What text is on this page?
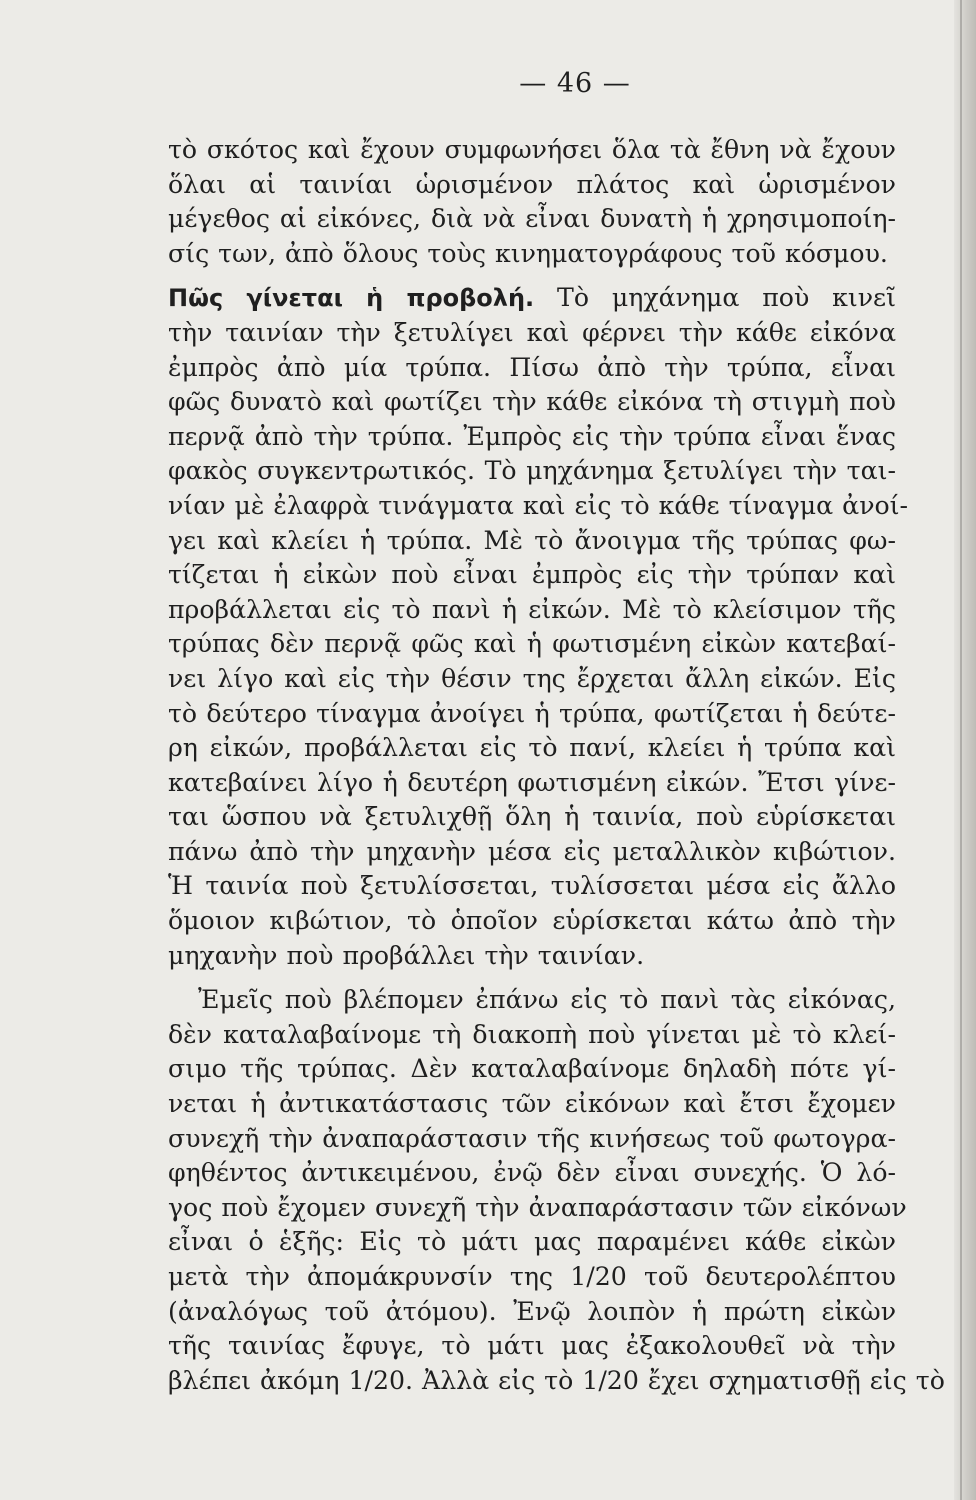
— 46 —

τὸ σκότος καὶ ἔχουν συμφωνήσει ὅλα τὰ ἔθνη νὰ ἔχουν
ὅλαι αἱ ταινίαι ὡρισμένον πλάτος καὶ ὡρισμένον
μέγεθος αἱ εἰκόνες, διὰ νὰ εἶναι δυνατὴ ἡ χρησιμοποίη-
σίς των, ἀπὸ ὅλους τοὺς κινηματογράφους τοῦ κόσμου.

Πῶς γίνεται ἡ προβολή. Τὸ μηχάνημα ποὺ κινεῖ
τὴν ταινίαν τὴν ξετυλίγει καὶ φέρνει τὴν κάθε εἰκόνα
ἐμπρὸς ἀπὸ μία τρύπα. Πίσω ἀπὸ τὴν τρύπα, εἶναι
φῶς δυνατὸ καὶ φωτίζει τὴν κάθε εἰκόνα τὴ στιγμὴ ποὺ
περνᾷ ἀπὸ τὴν τρύπα. Ἐμπρὸς εἰς τὴν τρύπα εἶναι ἕνας
φακὸς συγκεντρωτικός. Τὸ μηχάνημα ξετυλίγει τὴν ται-
νίαν μὲ ἐλαφρὰ τινάγματα καὶ εἰς τὸ κάθε τίναγμα ἀνοί-
γει καὶ κλείει ἡ τρύπα. Μὲ τὸ ἄνοιγμα τῆς τρύπας φω-
τίζεται ἡ εἰκὼν ποὺ εἶναι ἐμπρὸς εἰς τὴν τρύπαν καὶ
προβάλλεται εἰς τὸ πανὶ ἡ εἰκών. Μὲ τὸ κλείσιμον τῆς
τρύπας δὲν περνᾷ φῶς καὶ ἡ φωτισμένη εἰκὼν κατεβαί-
νει λίγο καὶ εἰς τὴν θέσιν της ἔρχεται ἄλλη εἰκών. Εἰς
τὸ δεύτερο τίναγμα ἀνοίγει ἡ τρύπα, φωτίζεται ἡ δεύτε-
ρη εἰκών, προβάλλεται εἰς τὸ πανί, κλείει ἡ τρύπα καὶ
κατεβαίνει λίγο ἡ δευτέρη φωτισμένη εἰκών. Ἔτσι γίνε-
ται ὥσπου νὰ ξετυλιχθῇ ὅλη ἡ ταινία, ποὺ εὑρίσκεται
πάνω ἀπὸ τὴν μηχανὴν μέσα εἰς μεταλλικὸν κιβώτιον.
Ἡ ταινία ποὺ ξετυλίσσεται, τυλίσσεται μέσα εἰς ἄλλο
ὅμοιον κιβώτιον, τὸ ὁποῖον εὑρίσκεται κάτω ἀπὸ τὴν
μηχανὴν ποὺ προβάλλει τὴν ταινίαν.

Ἐμεῖς ποὺ βλέπομεν ἐπάνω εἰς τὸ πανὶ τὰς εἰκόνας,
δὲν καταλαβαίνομε τὴ διακοπὴ ποὺ γίνεται μὲ τὸ κλεί-
σιμο τῆς τρύπας. Δὲν καταλαβαίνομε δηλαδὴ πότε γί-
νεται ἡ ἀντικατάστασις τῶν εἰκόνων καὶ ἔτσι ἔχομεν
συνεχῆ τὴν ἀναπαράστασιν τῆς κινήσεως τοῦ φωτογρα-
φηθέντος ἀντικειμένου, ἐνῷ δὲν εἶναι συνεχής. Ὁ λό-
γος ποὺ ἔχομεν συνεχῆ τὴν ἀναπαράστασιν τῶν εἰκόνων
εἶναι ὁ ἑξῆς: Εἰς τὸ μάτι μας παραμένει κάθε εἰκὼν
μετὰ τὴν ἀπομάκρυνσίν της 1/20 τοῦ δευτερολέπτου
(ἀναλόγως τοῦ ἀτόμου). Ἐνῷ λοιπὸν ἡ πρώτη εἰκὼν
τῆς ταινίας ἔφυγε, τὸ μάτι μας ἐξακολουθεῖ νὰ τὴν
βλέπει ἀκόμη 1/20. Ἀλλὰ εἰς τὸ 1/20 ἔχει σχηματισθῇ εἰς τὸ
